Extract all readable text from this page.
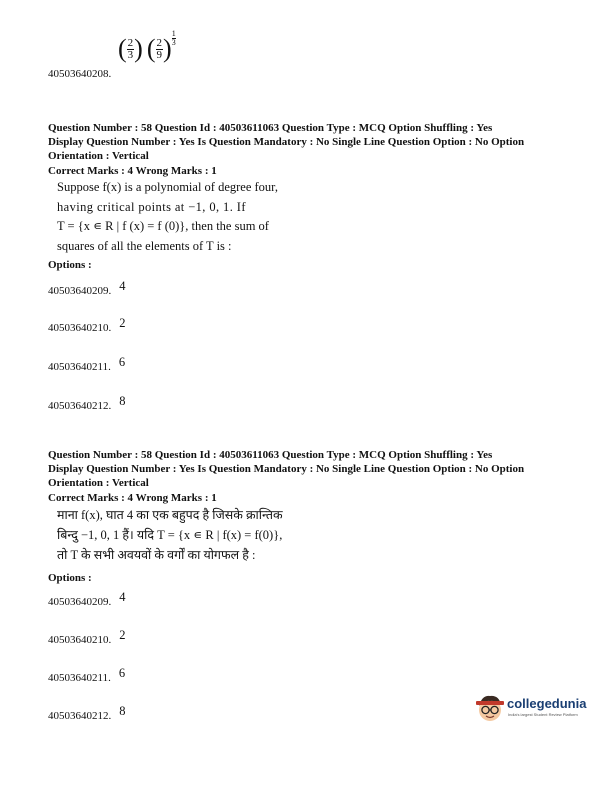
( $\frac{2}{3}$ ) ( $\frac{2}{9}$ ) $\frac{1}{3}$
40503640208.
Question Number : 58 Question Id : 40503611063 Question Type : MCQ Option Shuffling : Yes
Display Question Number : Yes Is Question Mandatory : No Single Line Question Option : No Option
Orientation : Vertical
Correct Marks : 4 Wrong Marks : 1
Suppose f(x) is a polynomial of degree four,
having critical points at −1, 0, 1. If
T = {x ∊ R | f (x) = f (0)}, then the sum of
squares of all the elements of T is :
Options :
40503640209. $^4$
40503640210. $^2$
40503640211. $^6$
40503640212. $^8$
Question Number : 58 Question Id : 40503611063 Question Type : MCQ Option Shuffling : Yes
Display Question Number : Yes Is Question Mandatory : No Single Line Question Option : No Option
Orientation : Vertical
Correct Marks : 4 Wrong Marks : 1
माना f(x), घात 4 का एक बहुपद है जिसके क्रान्तिक
बिन्दु −1, 0, 1 हैं। यदि T = {x ∊ R | f(x) = f(0)},
तो T के सभी अवयवों के वर्गों का योगफल है :
Options :
40503640209. $^4$
40503640210. $^2$
40503640211. $^6$
40503640212. $^8$	collegedunia
India's largest Student Review Platform
